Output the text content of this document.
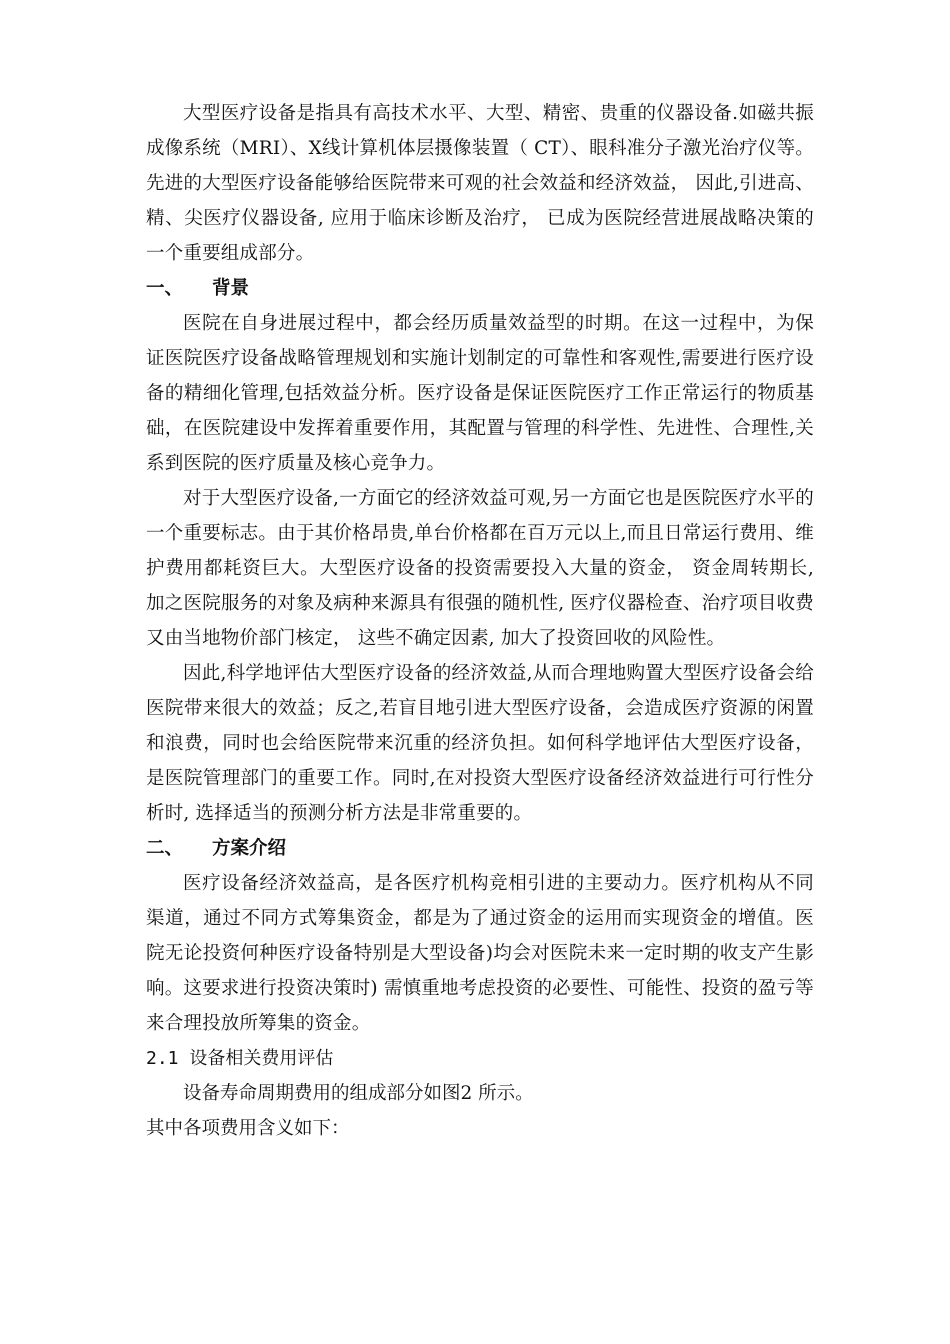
大型医疗设备是指具有高技术水平、大型、精密、贵重的仪器设备.如磁共振成像系统（MRI）、X线计算机体层摄像装置（ CT）、眼科准分子激光治疗仪等。先进的大型医疗设备能够给医院带来可观的社会效益和经济效益， 因此,引进高、精、尖医疗仪器设备, 应用于临床诊断及治疗， 已成为医院经营进展战略决策的一个重要组成部分。

一、	背景

医院在自身进展过程中，都会经历质量效益型的时期。在这一过程中，为保证医院医疗设备战略管理规划和实施计划制定的可靠性和客观性,需要进行医疗设备的精细化管理,包括效益分析。医疗设备是保证医院医疗工作正常运行的物质基础，在医院建设中发挥着重要作用，其配置与管理的科学性、先进性、合理性,关系到医院的医疗质量及核心竞争力。

对于大型医疗设备,一方面它的经济效益可观,另一方面它也是医院医疗水平的一个重要标志。由于其价格昂贵,单台价格都在百万元以上,而且日常运行费用、维护费用都耗资巨大。大型医疗设备的投资需要投入大量的资金， 资金周转期长, 加之医院服务的对象及病种来源具有很强的随机性, 医疗仪器检查、治疗项目收费又由当地物价部门核定， 这些不确定因素, 加大了投资回收的风险性。

因此,科学地评估大型医疗设备的经济效益,从而合理地购置大型医疗设备会给医院带来很大的效益；反之,若盲目地引进大型医疗设备，会造成医疗资源的闲置和浪费，同时也会给医院带来沉重的经济负担。如何科学地评估大型医疗设备，是医院管理部门的重要工作。同时,在对投资大型医疗设备经济效益进行可行性分析时, 选择适当的预测分析方法是非常重要的。

二、	方案介绍

医疗设备经济效益高，是各医疗机构竞相引进的主要动力。医疗机构从不同渠道，通过不同方式筹集资金，都是为了通过资金的运用而实现资金的增值。医院无论投资何种医疗设备特别是大型设备)均会对医院未来一定时期的收支产生影响。这要求进行投资决策时) 需慎重地考虑投资的必要性、可能性、投资的盈亏等来合理投放所筹集的资金。

2.1 设备相关费用评估

设备寿命周期费用的组成部分如图2 所示。

其中各项费用含义如下：
